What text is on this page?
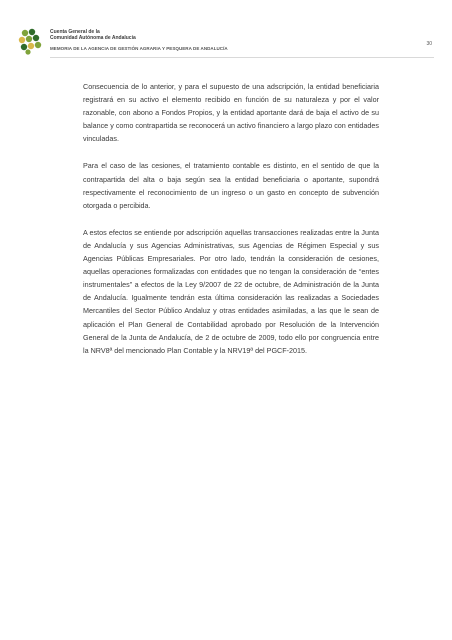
Cuenta General de la
Comunidad Autónoma de Andalucía
MEMORIA DE LA AGENCIA DE GESTIÓN AGRARIA Y PESQUERA DE ANDALUCÍA
30

Consecuencia de lo anterior, y para el supuesto de una adscripción, la entidad beneficiaria registrará en su activo el elemento recibido en función de su naturaleza y por el valor razonable, con abono a Fondos Propios, y la entidad aportante dará de baja el activo de su balance y como contrapartida se reconocerá un activo financiero a largo plazo con entidades vinculadas.

Para el caso de las cesiones, el tratamiento contable es distinto, en el sentido de que la contrapartida del alta o baja según sea la entidad beneficiaria o aportante, supondrá respectivamente el reconocimiento de un ingreso o un gasto en concepto de subvención otorgada o percibida.

A estos efectos se entiende por adscripción aquellas transacciones realizadas entre la Junta de Andalucía y sus Agencias Administrativas, sus Agencias de Régimen Especial y sus Agencias Públicas Empresariales. Por otro lado, tendrán la consideración de cesiones, aquellas operaciones formalizadas con entidades que no tengan la consideración de “entes instrumentales” a efectos de la Ley 9/2007 de 22 de octubre, de Administración de la Junta de Andalucía. Igualmente tendrán esta última consideración las realizadas a Sociedades Mercantiles del Sector Público Andaluz y otras entidades asimiladas, a las que le sean de aplicación el Plan General de Contabilidad aprobado por Resolución de la Intervención General de la Junta de Andalucía, de 2 de octubre de 2009, todo ello por congruencia entre la NRV8ª del mencionado Plan Contable y la NRV19ª del PGCF-2015.
